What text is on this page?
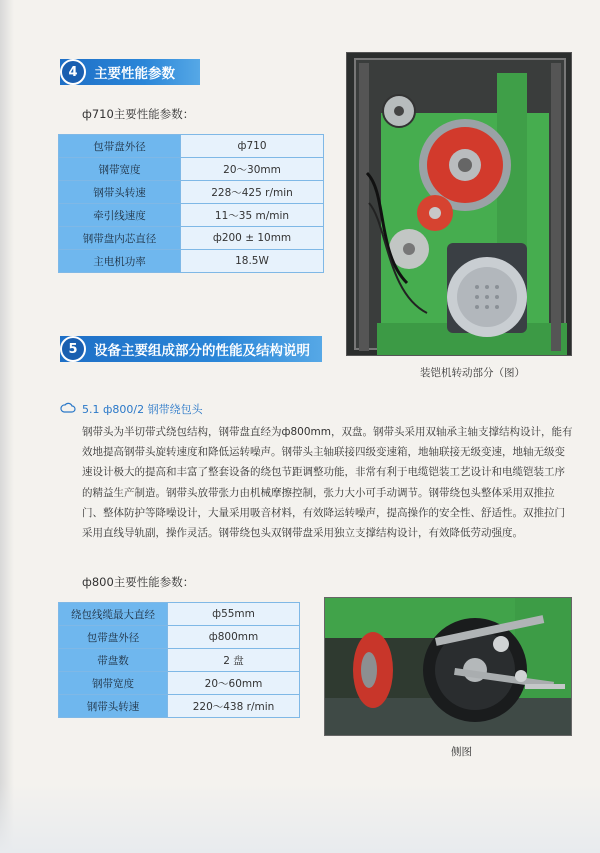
4	主要性能参数
ф710主要性能参数：
包带盘外径	ф710
钢带宽度	20～30mm
钢带头转速	228～425 r/min
牵引线速度	11～35 m/min
钢带盘内芯直径	ф200 ± 10mm
主电机功率	18.5W
装铠机转动部分（图）
5	设备主要组成部分的性能及结构说明
5.1 ф800/2 钢带绕包头

钢带头为半切带式绕包结构，钢带盘直经为ф800mm，双盘。钢带头采用双轴承主轴支撑结构设计，能有效地提高钢带头旋转速度和降低运转噪声。钢带头主轴联接四级变速箱，地轴联接无级变速，地轴无级变速设计极大的提高和丰富了整套设备的绕包节距调整功能，非常有利于电缆铠装工艺设计和电缆铠装工序的精益生产制造。钢带头放带张力由机械摩擦控制，张力大小可手动调节。钢带绕包头整体采用双推拉门、整体防护等降噪设计，大量采用吸音材料，有效降运转噪声，提高操作的安全性、舒适性。双推拉门采用直线导轨副，操作灵活。钢带绕包头双钢带盘采用独立支撑结构设计，有效降低劳动强度。

ф800主要性能参数：
绕包线缆最大直经	ф55mm
包带盘外径	ф800mm
带盘数	2 盘
钢带宽度	20～60mm
钢带头转速	220～438 r/min
侧图
